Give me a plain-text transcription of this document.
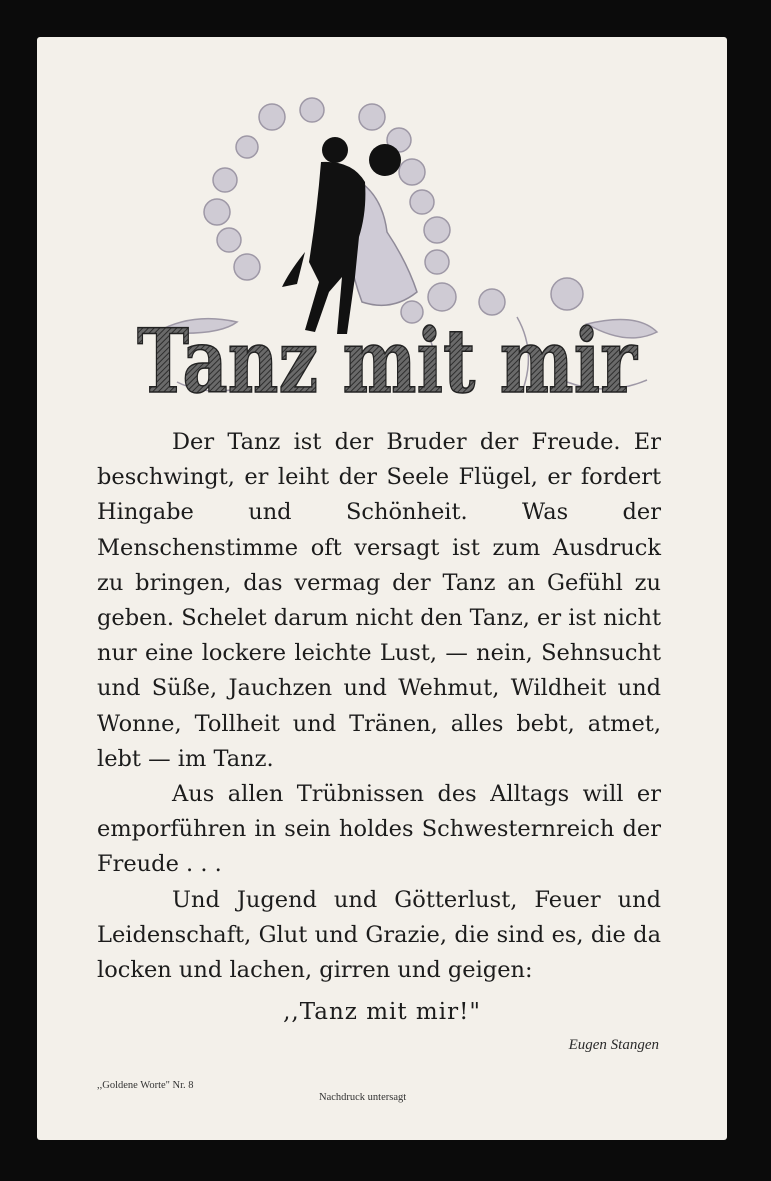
Tanz mit mir

Der Tanz ist der Bruder der Freude. Er beschwingt, er leiht der Seele Flügel, er fordert Hingabe und Schönheit. Was der Menschenstimme oft versagt ist zum Ausdruck zu bringen, das vermag der Tanz an Gefühl zu geben. Schelet darum nicht den Tanz, er ist nicht nur eine lockere leichte Lust, — nein, Sehnsucht und Süße, Jauchzen und Wehmut, Wildheit und Wonne, Tollheit und Tränen, alles bebt, atmet, lebt — im Tanz.

Aus allen Trübnissen des Alltags will er emporführen in sein holdes Schwesternreich der Freude . . .

Und Jugend und Götterlust, Feuer und Leidenschaft, Glut und Grazie, die sind es, die da locken und lachen, girren und geigen:

,,Tanz mit mir!"
Eugen Stangen
,,Goldene Worte" Nr. 8
Nachdruck untersagt
